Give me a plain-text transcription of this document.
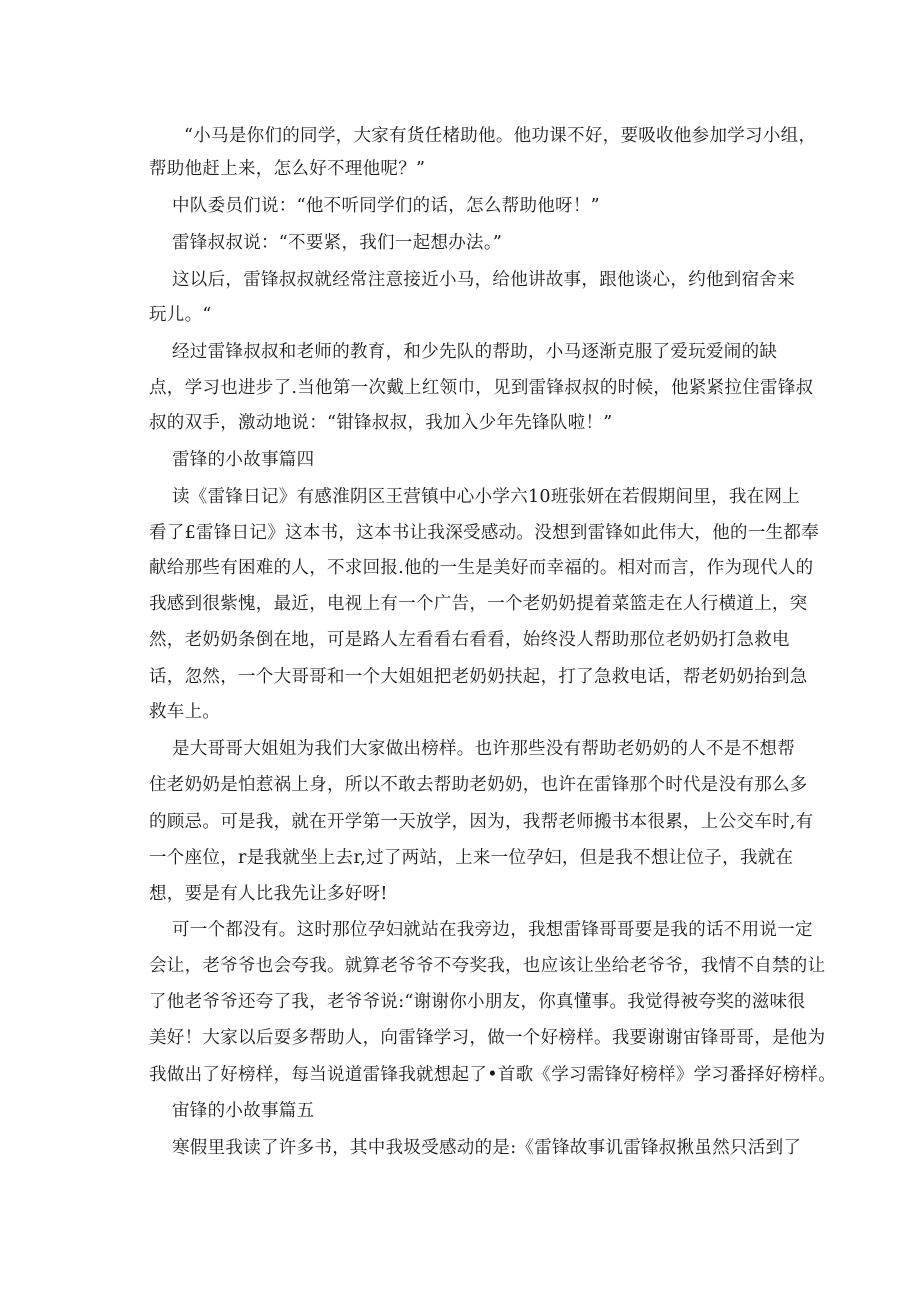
“小马是你们的同学，大家有货任楮助他。他功课不好，要吸收他参加学习小组，
帮助他赶上来，怎么好不理他呢？”
中队委员们说：“他不听同学们的话，怎么帮助他呀！”
雷锋叔叔说：“不要紧，我们一起想办法。”
这以后，雷锋叔叔就经常注意接近小马，给他讲故事，跟他谈心，约他到宿舍来
玩儿。“
经过雷锋叔叔和老师的教育，和少先队的帮助，小马逐渐克服了爱玩爱闹的缺
点，学习也进步了.当他第一次戴上红领巾，见到雷锋叔叔的时候，他紧紧拉住雷锋叔
叔的双手，激动地说：“钳锋叔叔，我加入少年先锋队啦！”
雷锋的小故事篇四
读《雷锋日记》有感淮阴区王营镇中心小学六10班张妍在若假期间里，我在网上
看了£雷锋日记》这本书，这本书让我深受感动。没想到雷锋如此伟大，他的一生都奉
献给那些有困难的人，不求回报.他的一生是美好而幸福的。相对而言，作为现代人的
我感到很紫愧，最近，电视上有一个广告，一个老奶奶提着菜篮走在人行横道上，突
然，老奶奶条倒在地，可是路人左看看右看看，始终没人帮助那位老奶奶打急救电
话，忽然，一个大哥哥和一个大姐姐把老奶奶扶起，打了急救电话，帮老奶奶抬到急
救车上。
是大哥哥大姐姐为我们大家做出榜样。也许那些没有帮助老奶奶的人不是不想帮
住老奶奶是怕惹祸上身，所以不敢去帮助老奶奶，也许在雷锋那个时代是没有那么多
的顾忌。可是我，就在开学第一天放学，因为，我帮老师搬书本很累，上公交车时,有
一个座位，r是我就坐上去r,过了两站，上来一位孕妇，但是我不想让位子，我就在
想，要是有人比我先让多好呀!
可一个都没有。这时那位孕妇就站在我旁边，我想雷锋哥哥要是我的话不用说一定
会让，老爷爷也会夸我。就算老爷爷不夸奖我，也应该让坐给老爷爷，我情不自禁的让
了他老爷爷还夸了我，老爷爷说:“谢谢你小朋友，你真懂事。我觉得被夸奖的滋味很
美好！大家以后耍多帮助人，向雷锋学习，做一个好榜样。我要谢谢宙锋哥哥，是他为
我做出了好榜样，每当说道雷锋我就想起了•首歌《学习需锋好榜样》学习番择好榜样。
宙锋的小故事篇五
寒假里我读了许多书，其中我圾受感动的是:《雷锋故事讥雷锋叔揪虽然只活到了
